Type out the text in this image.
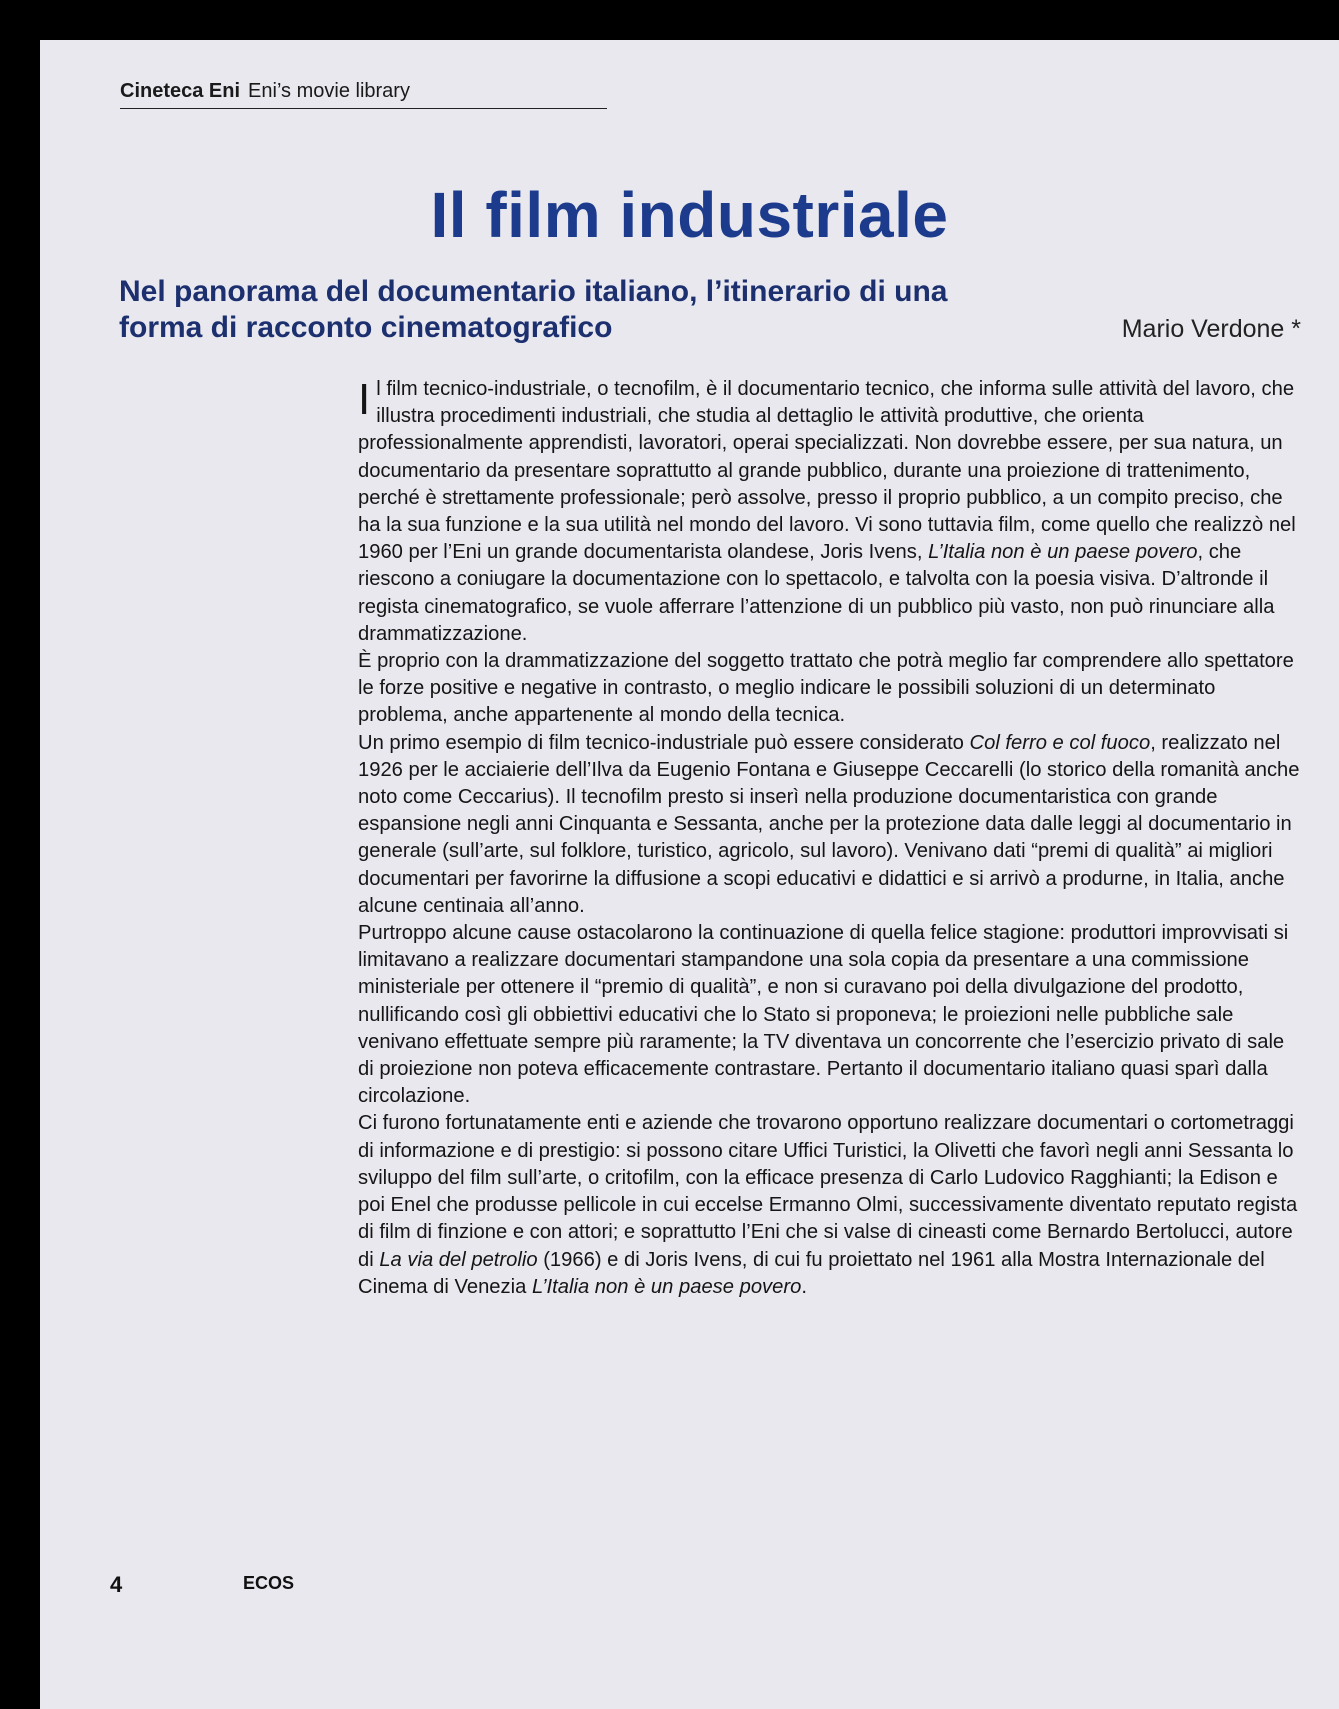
Cineteca Eni Eni’s movie library
Il film industriale
Nel panorama del documentario italiano, l’itinerario di una forma di racconto cinematografico	Mario Verdone *

Il film tecnico-industriale, o tecnofilm, è il documentario tecnico, che informa sulle attività del lavoro, che illustra procedimenti industriali, che studia al dettaglio le attività produttive, che orienta professionalmente apprendisti, lavoratori, operai specializzati. Non dovrebbe essere, per sua natura, un documentario da presentare soprattutto al grande pubblico, durante una proiezione di trattenimento, perché è strettamente professionale; però assolve, presso il proprio pubblico, a un compito preciso, che ha la sua funzione e la sua utilità nel mondo del lavoro. Vi sono tuttavia film, come quello che realizzò nel 1960 per l’Eni un grande documentarista olandese, Joris Ivens, L’Italia non è un paese povero, che riescono a coniugare la documentazione con lo spettacolo, e talvolta con la poesia visiva. D’altronde il regista cinematografico, se vuole afferrare l’attenzione di un pubblico più vasto, non può rinunciare alla drammatizzazione.

È proprio con la drammatizzazione del soggetto trattato che potrà meglio far comprendere allo spettatore le forze positive e negative in contrasto, o meglio indicare le possibili soluzioni di un determinato problema, anche appartenente al mondo della tecnica.

Un primo esempio di film tecnico-industriale può essere considerato Col ferro e col fuoco, realizzato nel 1926 per le acciaierie dell’Ilva da Eugenio Fontana e Giuseppe Ceccarelli (lo storico della romanità anche noto come Ceccarius). Il tecnofilm presto si inserì nella produzione documentaristica con grande espansione negli anni Cinquanta e Sessanta, anche per la protezione data dalle leggi al documentario in generale (sull’arte, sul folklore, turistico, agricolo, sul lavoro). Venivano dati “premi di qualità” ai migliori documentari per favorirne la diffusione a scopi educativi e didattici e si arrivò a produrne, in Italia, anche alcune centinaia all’anno.

Purtroppo alcune cause ostacolarono la continuazione di quella felice stagione: produttori improvvisati si limitavano a realizzare documentari stampandone una sola copia da presentare a una commissione ministeriale per ottenere il “premio di qualità”, e non si curavano poi della divulgazione del prodotto, nullificando così gli obbiettivi educativi che lo Stato si proponeva; le proiezioni nelle pubbliche sale venivano effettuate sempre più raramente; la TV diventava un concorrente che l’esercizio privato di sale di proiezione non poteva efficacemente contrastare. Pertanto il documentario italiano quasi sparì dalla circolazione.

Ci furono fortunatamente enti e aziende che trovarono opportuno realizzare documentari o cortometraggi di informazione e di prestigio: si possono citare Uffici Turistici, la Olivetti che favorì negli anni Sessanta lo sviluppo del film sull’arte, o critofilm, con la efficace presenza di Carlo Ludovico Ragghianti; la Edison e poi Enel che produsse pellicole in cui eccelse Ermanno Olmi, successivamente diventato reputato regista di film di finzione e con attori; e soprattutto l’Eni che si valse di cineasti come Bernardo Bertolucci, autore di La via del petrolio (1966) e di Joris Ivens, di cui fu proiettato nel 1961 alla Mostra Internazionale del Cinema di Venezia L’Italia non è un paese povero.

4	ECOS
